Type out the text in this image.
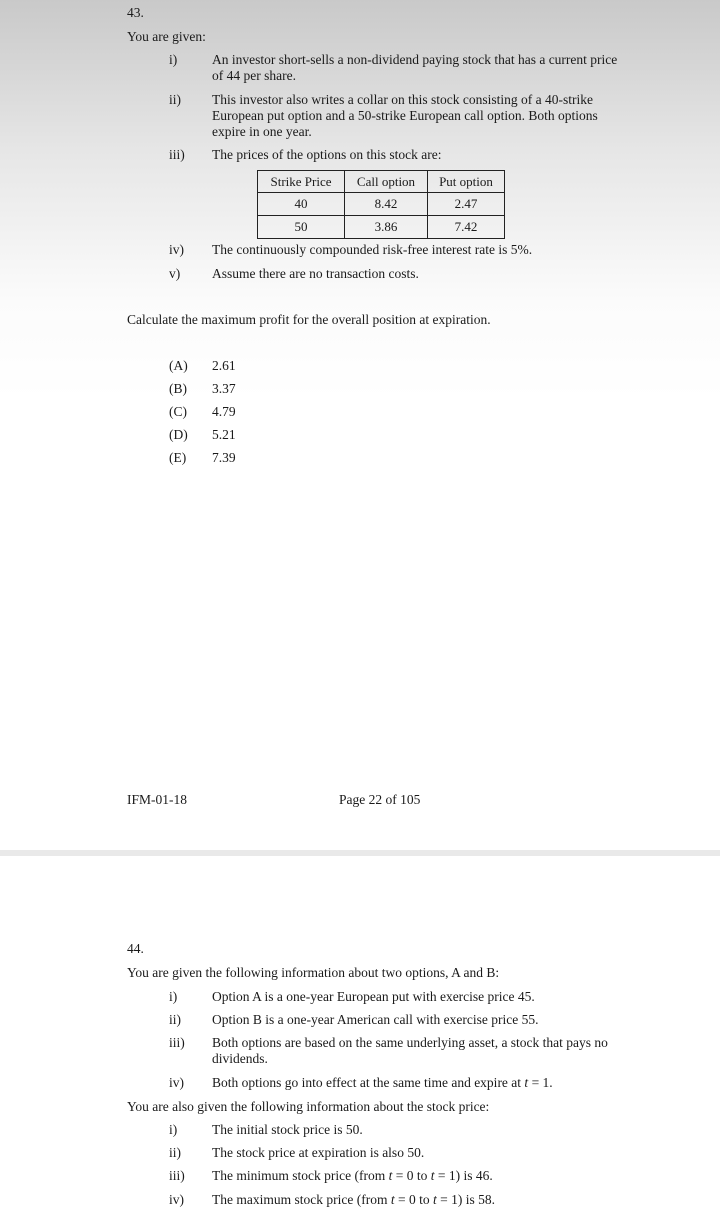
43.
You are given:
i)	An investor short-sells a non-dividend paying stock that has a current price of 44 per share.
ii) This investor also writes a collar on this stock consisting of a 40-strike European put option and a 50-strike European call option. Both options expire in one year.
iii) The prices of the options on this stock are:
Strike Price	Call option	Put option
40	8.42	2.47
50	3.86	7.42
iv) The continuously compounded risk-free interest rate is 5%.
v) Assume there are no transaction costs.
Calculate the maximum profit for the overall position at expiration.
(A) 2.61
(B) 3.37
(C) 4.79
(D) 5.21
(E) 7.39
IFM-01-18	Page 22 of 105
44.
You are given the following information about two options, A and B:
i)	Option A is a one-year European put with exercise price 45.
ii) Option B is a one-year American call with exercise price 55.
iii) Both options are based on the same underlying asset, a stock that pays no dividends.
iv) Both options go into effect at the same time and expire at t = 1.
You are also given the following information about the stock price:
i)	The initial stock price is 50.
ii) The stock price at expiration is also 50.
iii) The minimum stock price (from t = 0 to t = 1) is 46.
iv) The maximum stock price (from t = 0 to t = 1) is 58.
